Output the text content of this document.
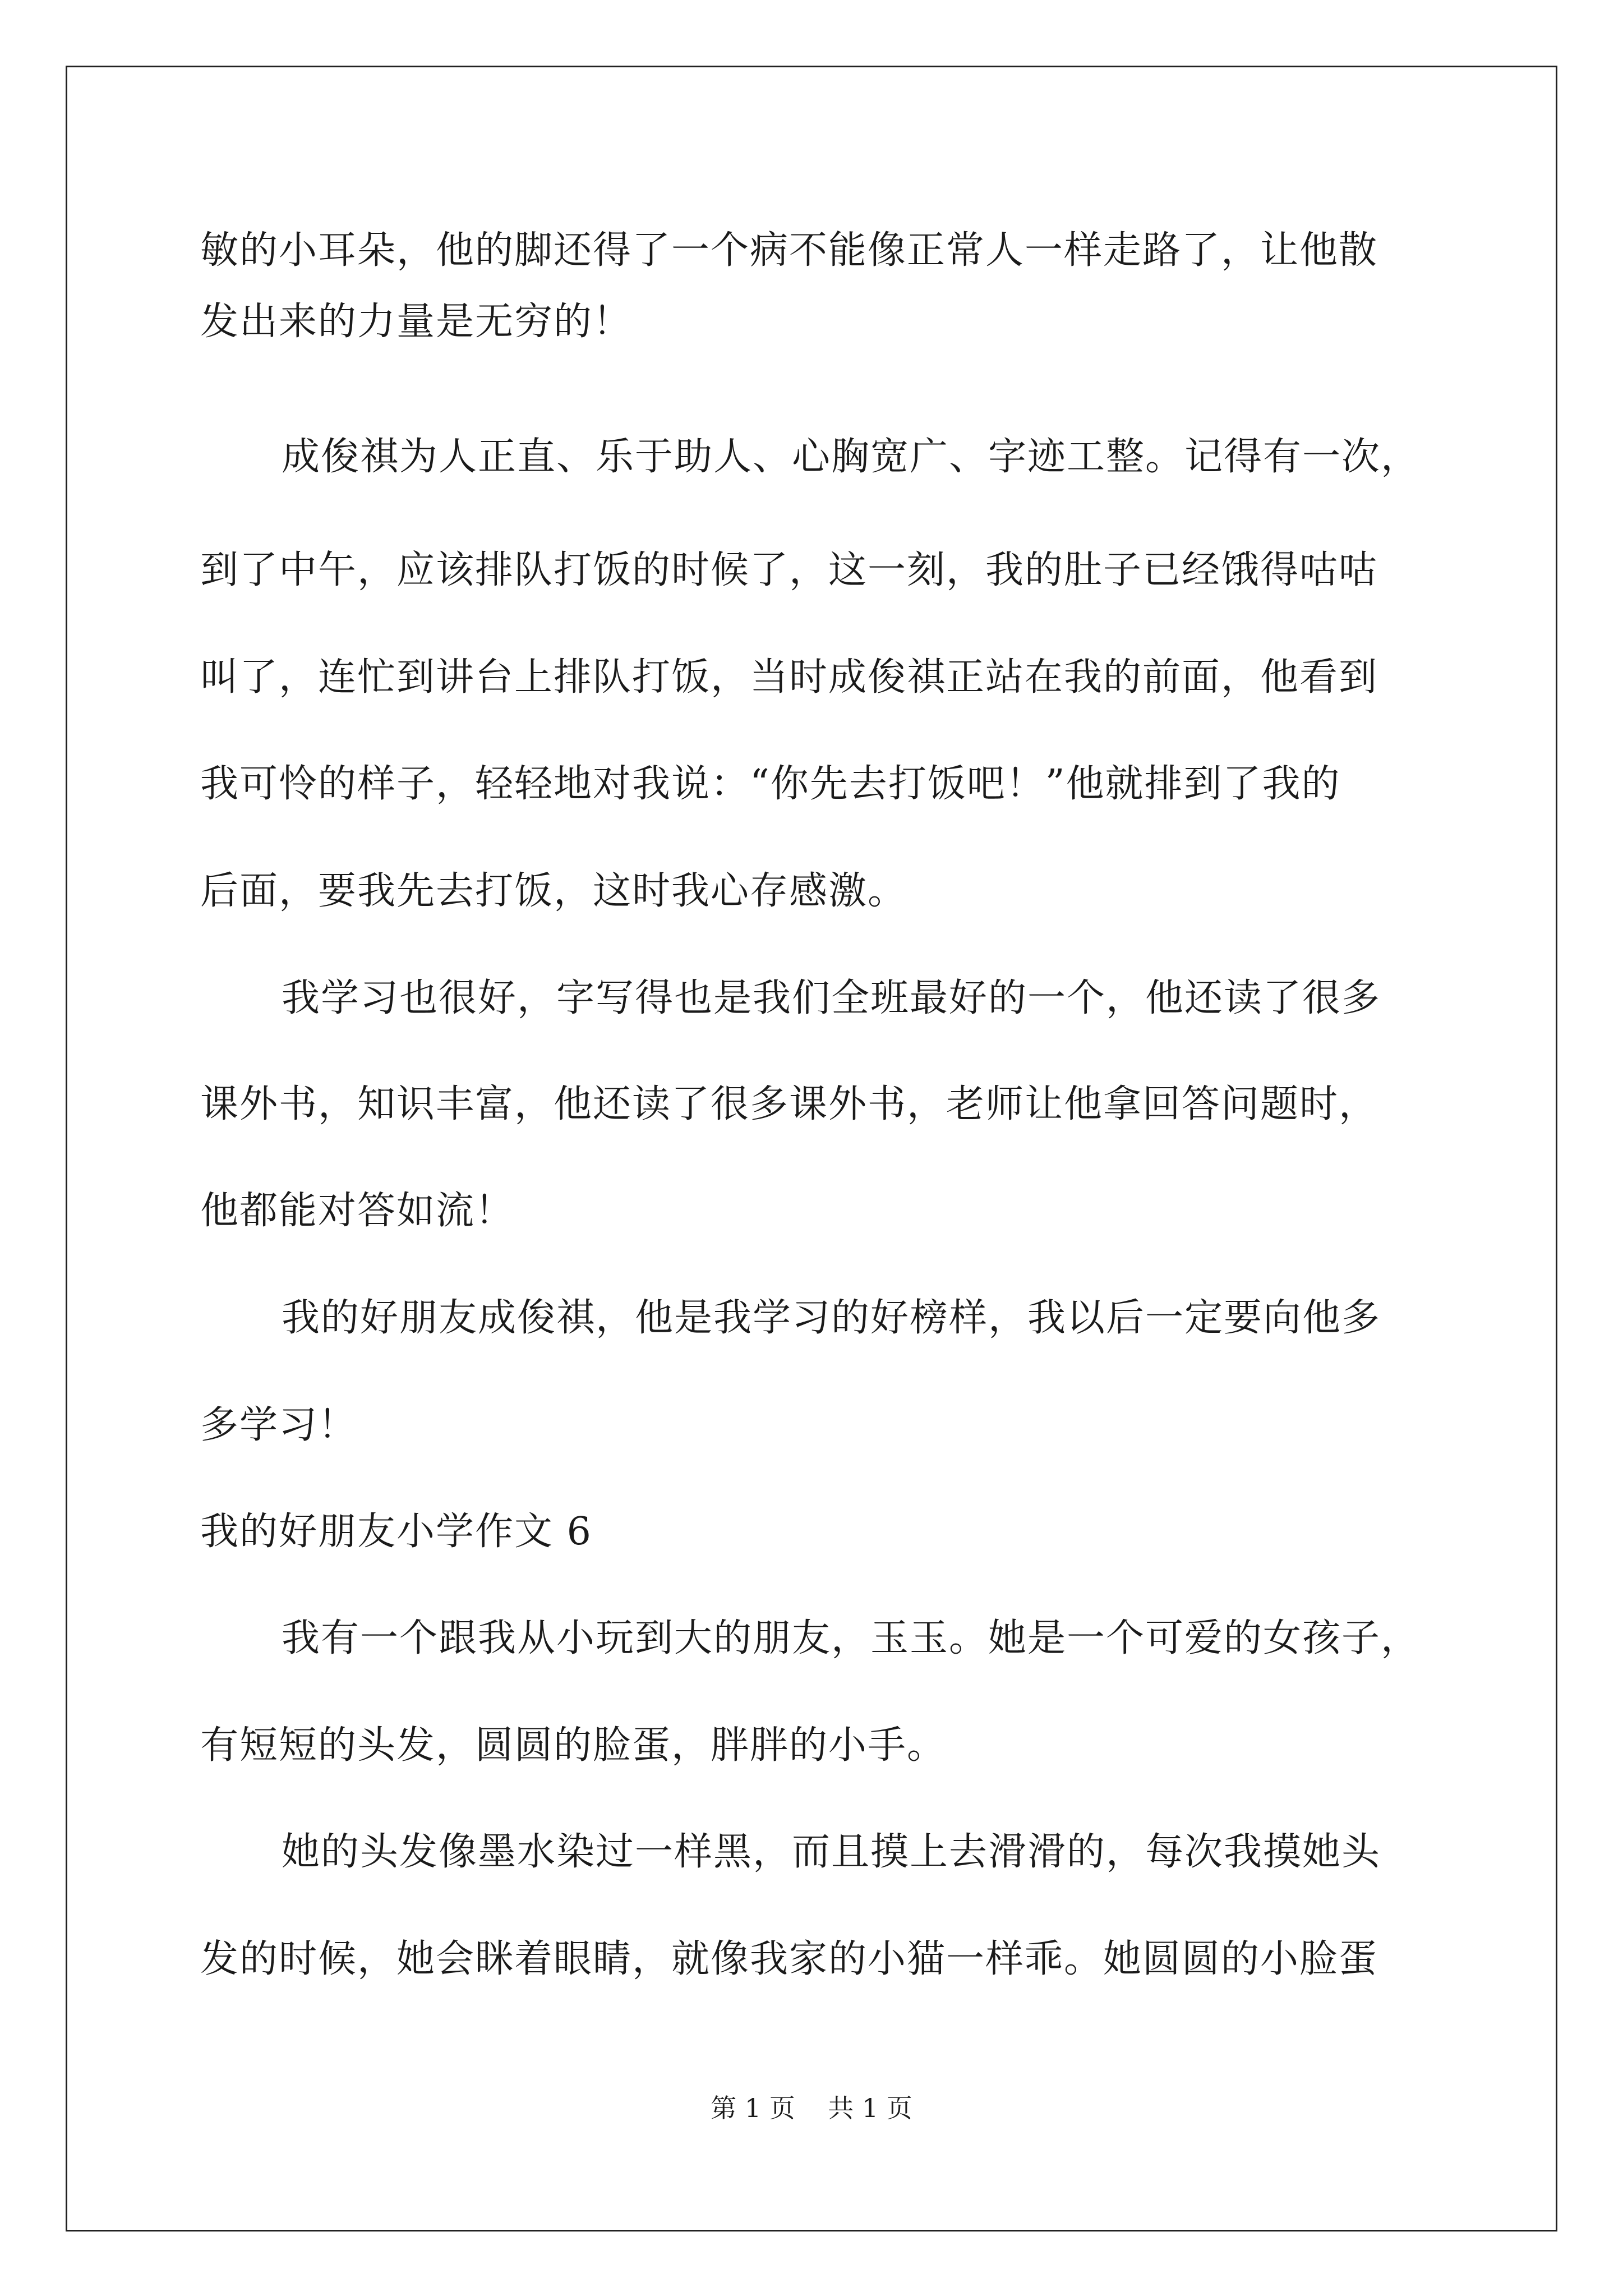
敏的小耳朵，他的脚还得了一个病不能像正常人一样走路了，让他散
发出来的力量是无穷的！
成俊祺为人正直、乐于助人、心胸宽广、字迹工整。记得有一次，
到了中午，应该排队打饭的时候了，这一刻，我的肚子已经饿得咕咕
叫了，连忙到讲台上排队打饭，当时成俊祺正站在我的前面，他看到
我可怜的样子，轻轻地对我说：“你先去打饭吧！”他就排到了我的
后面，要我先去打饭，这时我心存感激。
我学习也很好，字写得也是我们全班最好的一个，他还读了很多
课外书，知识丰富，他还读了很多课外书，老师让他拿回答问题时，
他都能对答如流！
我的好朋友成俊祺，他是我学习的好榜样，我以后一定要向他多
多学习！
我的好朋友小学作文 6
我有一个跟我从小玩到大的朋友，玉玉。她是一个可爱的女孩子，
有短短的头发，圆圆的脸蛋，胖胖的小手。
她的头发像墨水染过一样黑，而且摸上去滑滑的，每次我摸她头
发的时候，她会眯着眼睛，就像我家的小猫一样乖。她圆圆的小脸蛋
第 1 页    共 1 页
